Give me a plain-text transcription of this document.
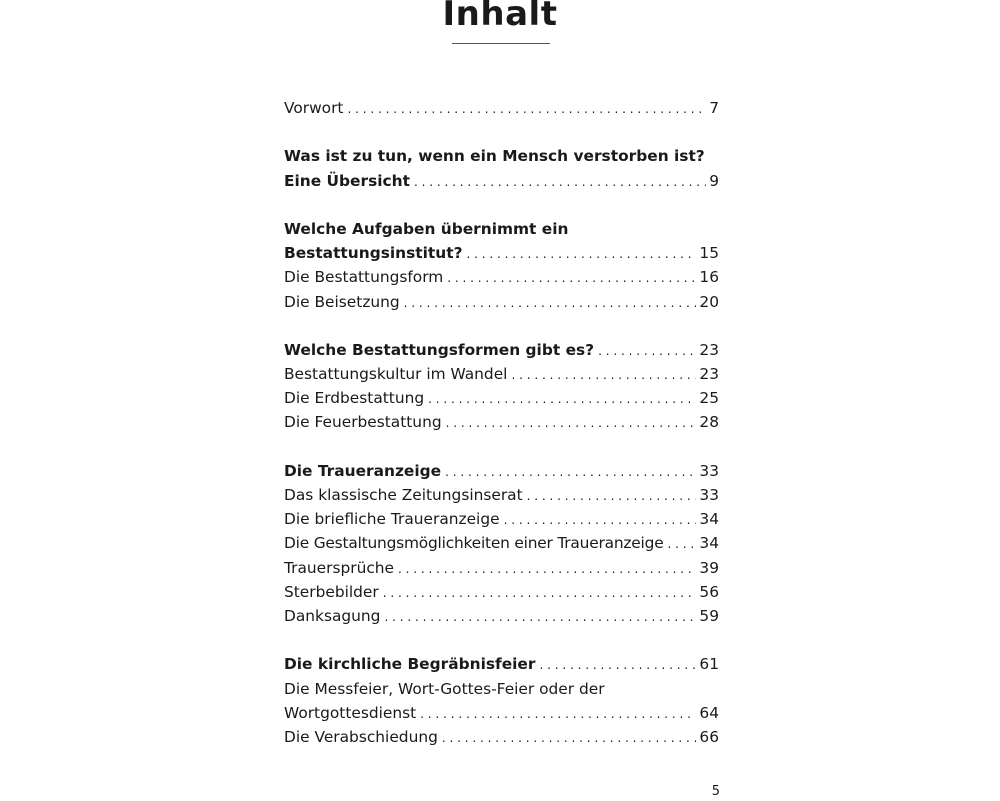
Inhalt
Vorwort . . .	7
Was ist zu tun, wenn ein Mensch verstorben ist?
Eine Übersicht . . .	9
Welche Aufgaben übernimmt ein
Bestattungsinstitut? . . .	15
Die Bestattungsform . . .	16
Die Beisetzung . . .	20
Welche Bestattungsformen gibt es? . . .	23
Bestattungskultur im Wandel . . .	23
Die Erdbestattung . . .	25
Die Feuerbestattung . . .	28
Die Traueranzeige . . .	33
Das klassische Zeitungsinserat . . .	33
Die briefliche Traueranzeige . . .	34
Die Gestaltungsmöglichkeiten einer Traueranzeige . . . 34
Trauersprüche . . .	39
Sterbebilder . . .	56
Danksagung . . .	59
Die kirchliche Begräbnisfeier . . .	61
Die Messfeier, Wort-Gottes-Feier oder der
Wortgottesdienst . . .	64
Die Verabschiedung . . .	66
5
